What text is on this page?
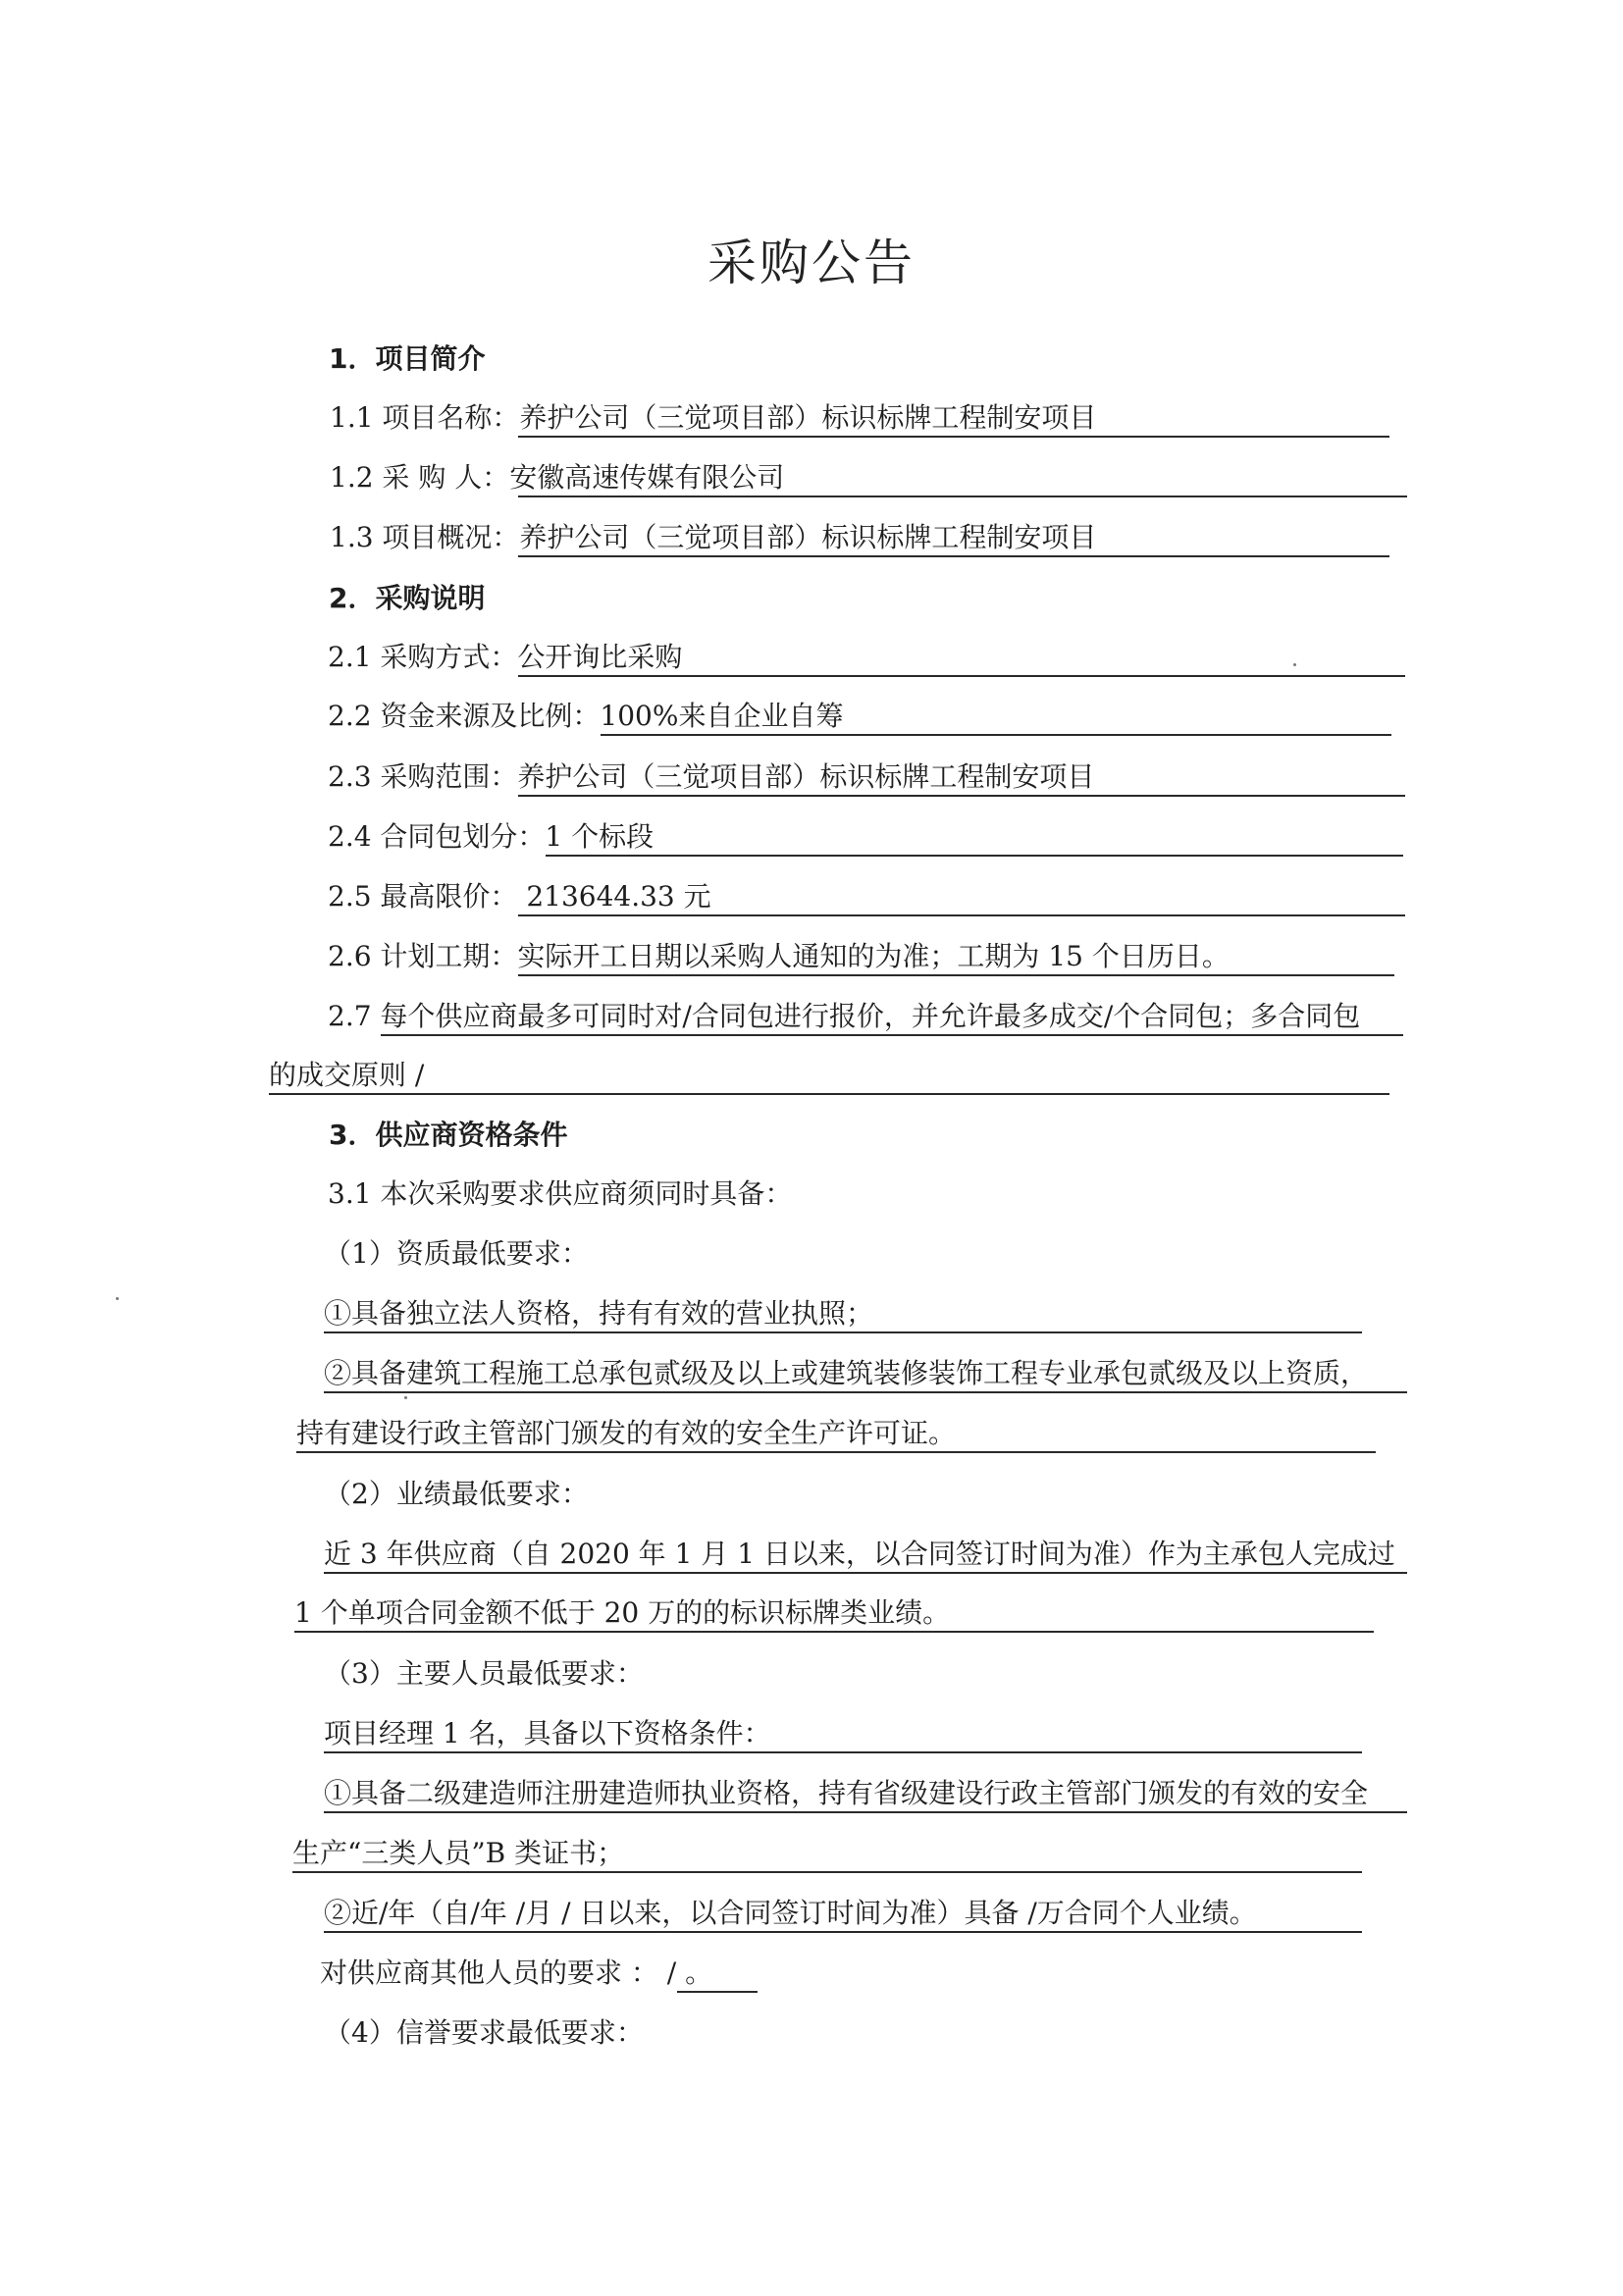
采购公告
1．项目简介
1.1 项目名称：养护公司（三觉项目部）标识标牌工程制安项目
1.2 采 购 人：安徽高速传媒有限公司
1.3 项目概况：养护公司（三觉项目部）标识标牌工程制安项目
2．采购说明
2.1 采购方式：公开询比采购
2.2 资金来源及比例：100%来自企业自筹
2.3 采购范围：养护公司（三觉项目部）标识标牌工程制安项目
2.4 合同包划分：1 个标段
2.5 最高限价： 213644.33 元
2.6 计划工期：实际开工日期以采购人通知的为准；工期为 15 个日历日。
2.7 每个供应商最多可同时对/合同包进行报价，并允许最多成交/个合同包；多合同包
的成交原则 /
3．供应商资格条件
3.1 本次采购要求供应商须同时具备：
（1）资质最低要求：
①具备独立法人资格，持有有效的营业执照；
②具备建筑工程施工总承包贰级及以上或建筑装修装饰工程专业承包贰级及以上资质，
持有建设行政主管部门颁发的有效的安全生产许可证。
（2）业绩最低要求：
近 3 年供应商（自 2020 年 1 月 1 日以来，以合同签订时间为准）作为主承包人完成过
1 个单项合同金额不低于 20 万的的标识标牌类业绩。
（3）主要人员最低要求：
项目经理 1 名，具备以下资格条件：
①具备二级建造师注册建造师执业资格，持有省级建设行政主管部门颁发的有效的安全
生产“三类人员”B 类证书；
②近/年（自/年 /月 / 日以来，以合同签订时间为准）具备 /万合同个人业绩。
对供应商其他人员的要求 ： / 。
（4）信誉要求最低要求：
